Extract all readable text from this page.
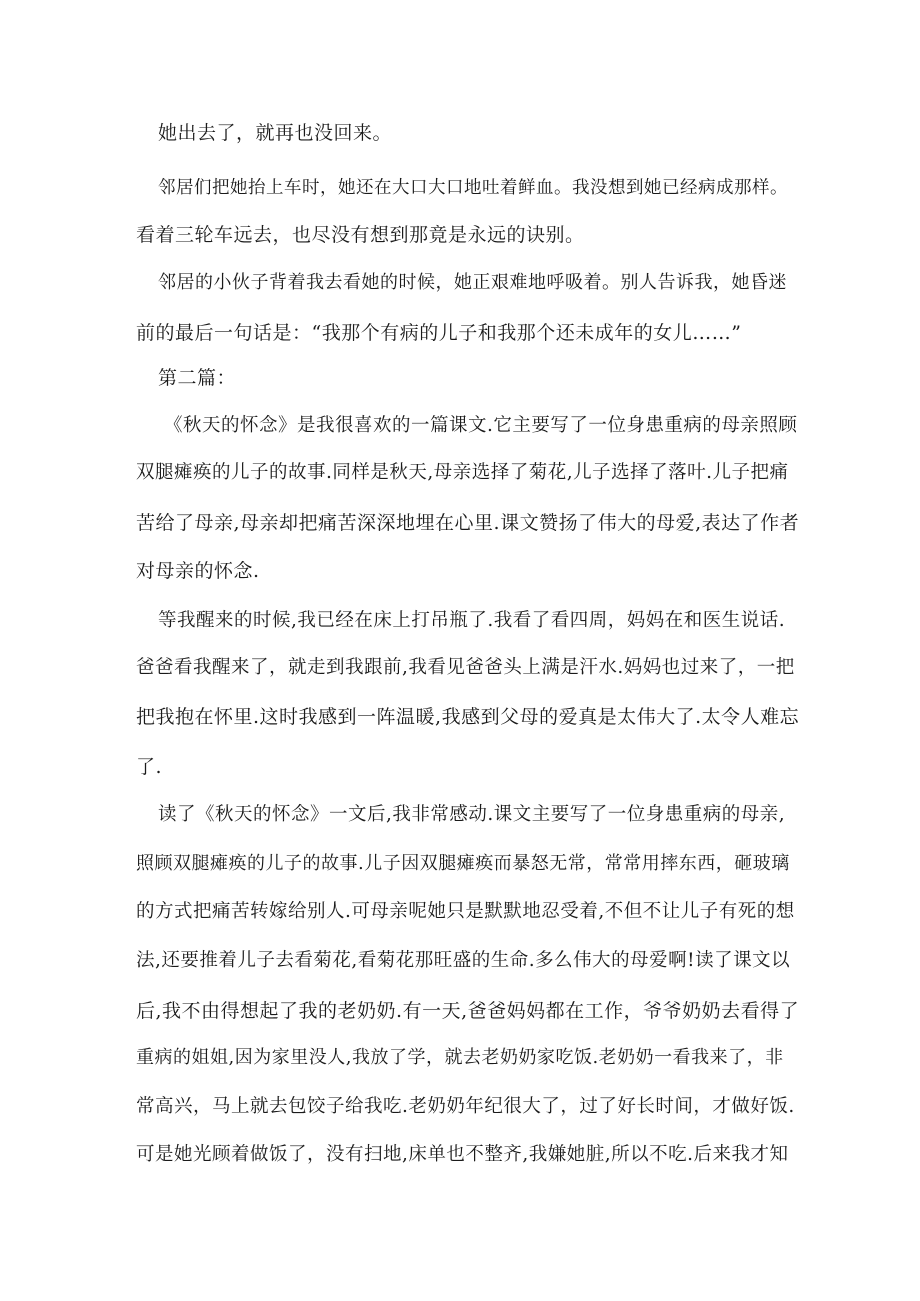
她出去了，就再也没回来。
邻居们把她抬上车时，她还在大口大口地吐着鲜血。我没想到她已经病成那样。
看着三轮车远去，也尽没有想到那竟是永远的诀别。
邻居的小伙子背着我去看她的时候，她正艰难地呼吸着。别人告诉我，她昏迷
前的最后一句话是：“我那个有病的儿子和我那个还未成年的女儿……”
第二篇：
《秋天的怀念》是我很喜欢的一篇课文.它主要写了一位身患重病的母亲照顾
双腿瘫痪的儿子的故事.同样是秋天,母亲选择了菊花,儿子选择了落叶.儿子把痛
苦给了母亲,母亲却把痛苦深深地埋在心里.课文赞扬了伟大的母爱,表达了作者
对母亲的怀念.
等我醒来的时候,我已经在床上打吊瓶了.我看了看四周，妈妈在和医生说话.
爸爸看我醒来了，就走到我跟前,我看见爸爸头上满是汗水.妈妈也过来了，一把
把我抱在怀里.这时我感到一阵温暖,我感到父母的爱真是太伟大了.太令人难忘
了.
读了《秋天的怀念》一文后,我非常感动.课文主要写了一位身患重病的母亲,
照顾双腿瘫痪的儿子的故事.儿子因双腿瘫痪而暴怒无常，常常用摔东西，砸玻璃
的方式把痛苦转嫁给别人.可母亲呢她只是默默地忍受着,不但不让儿子有死的想
法,还要推着儿子去看菊花,看菊花那旺盛的生命.多么伟大的母爱啊!读了课文以
后,我不由得想起了我的老奶奶.有一天,爸爸妈妈都在工作，爷爷奶奶去看得了
重病的姐姐,因为家里没人,我放了学，就去老奶奶家吃饭.老奶奶一看我来了，非
常高兴，马上就去包饺子给我吃.老奶奶年纪很大了，过了好长时间，才做好饭.
可是她光顾着做饭了，没有扫地,床单也不整齐,我嫌她脏,所以不吃.后来我才知
